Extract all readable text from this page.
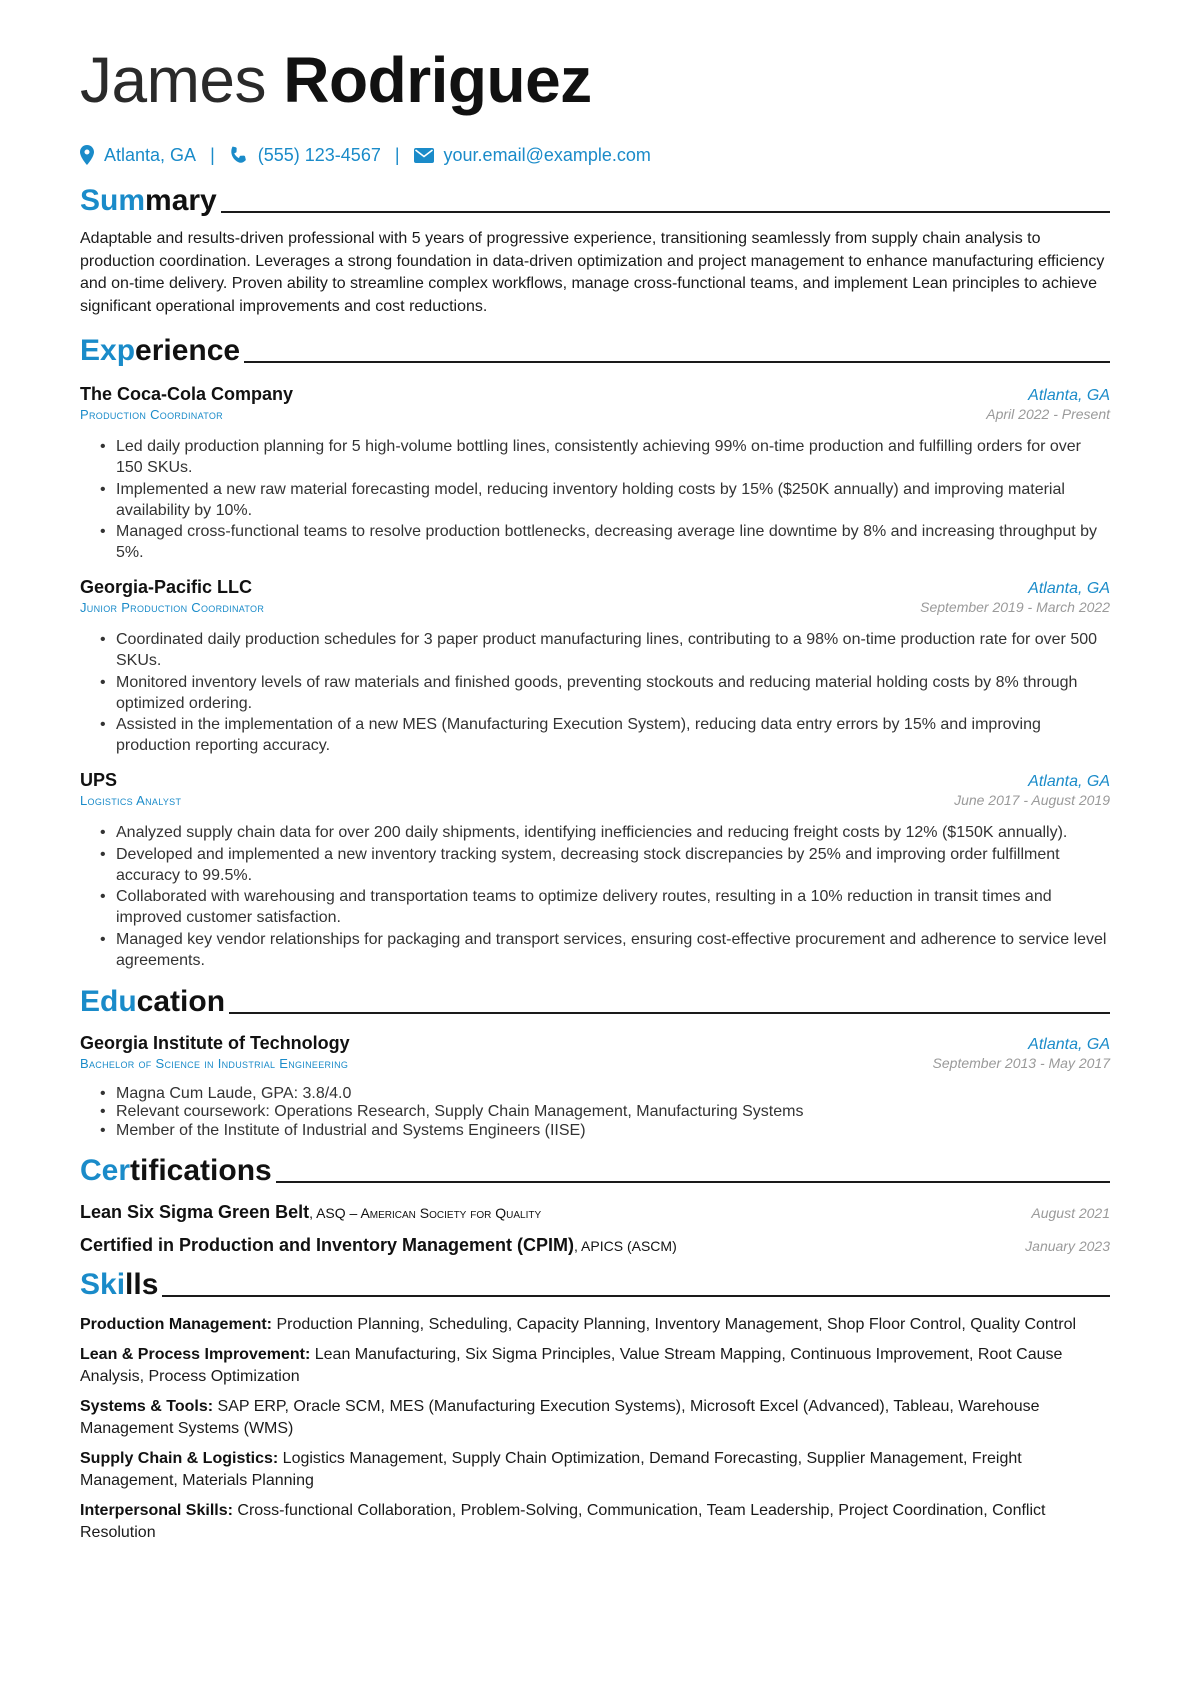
James Rodriguez
Atlanta, GA | (555) 123-4567 | your.email@example.com
Summary

Adaptable and results-driven professional with 5 years of progressive experience, transitioning seamlessly from supply chain analysis to production coordination. Leverages a strong foundation in data-driven optimization and project management to enhance manufacturing efficiency and on-time delivery. Proven ability to streamline complex workflows, manage cross-functional teams, and implement Lean principles to achieve significant operational improvements and cost reductions.

Experience
The Coca-Cola Company	Atlanta, GA
Production Coordinator	April 2022 - Present
• Led daily production planning for 5 high-volume bottling lines, consistently achieving 99% on-time production and fulfilling orders for over 150 SKUs.
• Implemented a new raw material forecasting model, reducing inventory holding costs by 15% ($250K annually) and improving material availability by 10%.
• Managed cross-functional teams to resolve production bottlenecks, decreasing average line downtime by 8% and increasing throughput by 5%.
Georgia-Pacific LLC	Atlanta, GA
Junior Production Coordinator	September 2019 - March 2022
• Coordinated daily production schedules for 3 paper product manufacturing lines, contributing to a 98% on-time production rate for over 500 SKUs.
• Monitored inventory levels of raw materials and finished goods, preventing stockouts and reducing material holding costs by 8% through optimized ordering.
• Assisted in the implementation of a new MES (Manufacturing Execution System), reducing data entry errors by 15% and improving production reporting accuracy.
UPS	Atlanta, GA
Logistics Analyst	June 2017 - August 2019
• Analyzed supply chain data for over 200 daily shipments, identifying inefficiencies and reducing freight costs by 12% ($150K annually).
• Developed and implemented a new inventory tracking system, decreasing stock discrepancies by 25% and improving order fulfillment accuracy to 99.5%.
• Collaborated with warehousing and transportation teams to optimize delivery routes, resulting in a 10% reduction in transit times and improved customer satisfaction.
• Managed key vendor relationships for packaging and transport services, ensuring cost-effective procurement and adherence to service level agreements.
Education
Georgia Institute of Technology	Atlanta, GA
Bachelor of Science in Industrial Engineering	September 2013 - May 2017
• Magna Cum Laude, GPA: 3.8/4.0
• Relevant coursework: Operations Research, Supply Chain Management, Manufacturing Systems
• Member of the Institute of Industrial and Systems Engineers (IISE)
Certifications
Lean Six Sigma Green Belt, ASQ – American Society for Quality	August 2021
Certified in Production and Inventory Management (CPIM), APICS (ASCM)	January 2023
Skills
Production Management: Production Planning, Scheduling, Capacity Planning, Inventory Management, Shop Floor Control, Quality Control
Lean & Process Improvement: Lean Manufacturing, Six Sigma Principles, Value Stream Mapping, Continuous Improvement, Root Cause Analysis, Process Optimization
Systems & Tools: SAP ERP, Oracle SCM, MES (Manufacturing Execution Systems), Microsoft Excel (Advanced), Tableau, Warehouse Management Systems (WMS)
Supply Chain & Logistics: Logistics Management, Supply Chain Optimization, Demand Forecasting, Supplier Management, Freight Management, Materials Planning
Interpersonal Skills: Cross-functional Collaboration, Problem-Solving, Communication, Team Leadership, Project Coordination, Conflict Resolution
